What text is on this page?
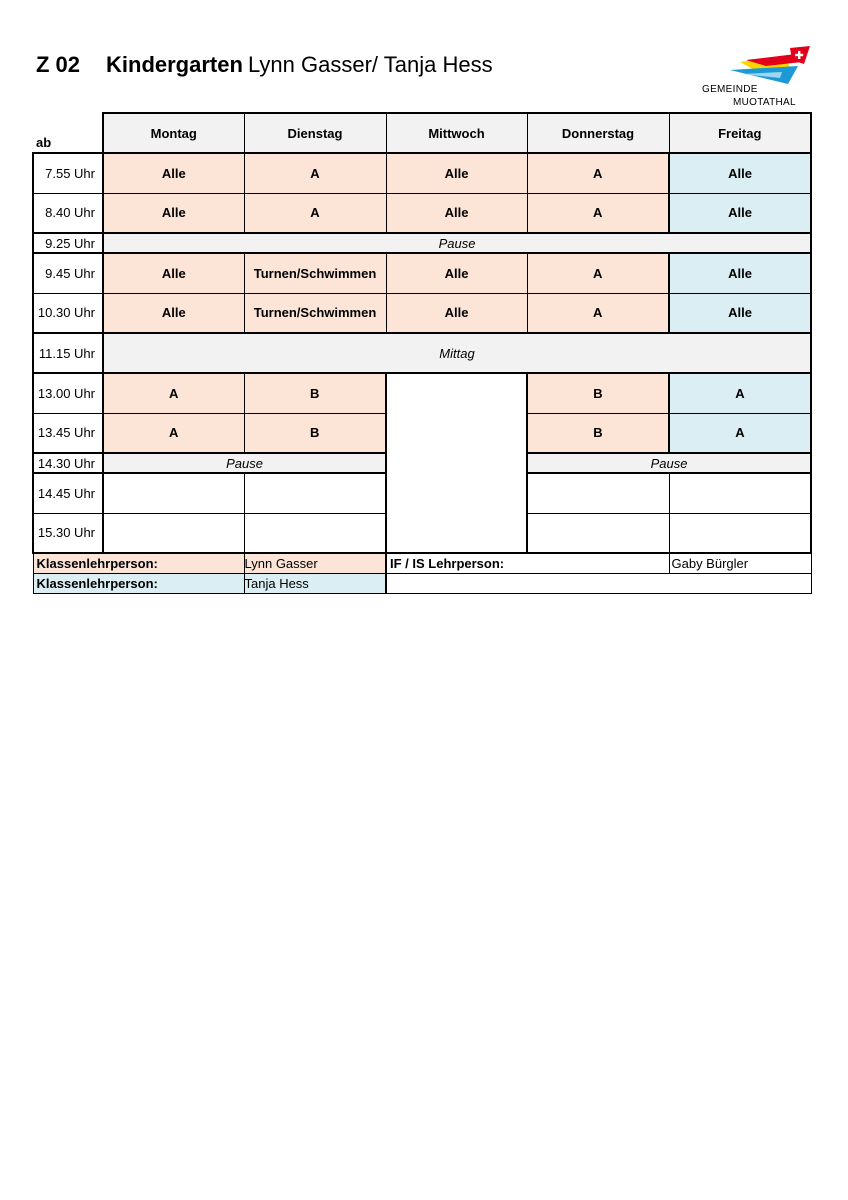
Z 02 Kindergarten Lynn Gasser/ Tanja Hess
GEMEINDE
MUOTATHAL
ab	Montag	Dienstag	Mittwoch	Donnerstag	Freitag
7.55 Uhr	Alle	A	Alle	A	Alle
8.40 Uhr	Alle	A	Alle	A	Alle
9.25 Uhr	Pause				
9.45 Uhr	Alle	Turnen/Schwimmen	Alle	A	Alle
10.30 Uhr	Alle	Turnen/Schwimmen	Alle	A	Alle
11.15 Uhr	Mittag				
13.00 Uhr	A	B		B	A
13.45 Uhr	A	B		B	A
14.30 Uhr	Pause			Pause	
14.45 Uhr					
15.30 Uhr					
Klassenlehrperson:		Lynn Gasser	IF / IS Lehrperson:		Gaby Bürgler
Klassenlehrperson:		Tanja Hess			
